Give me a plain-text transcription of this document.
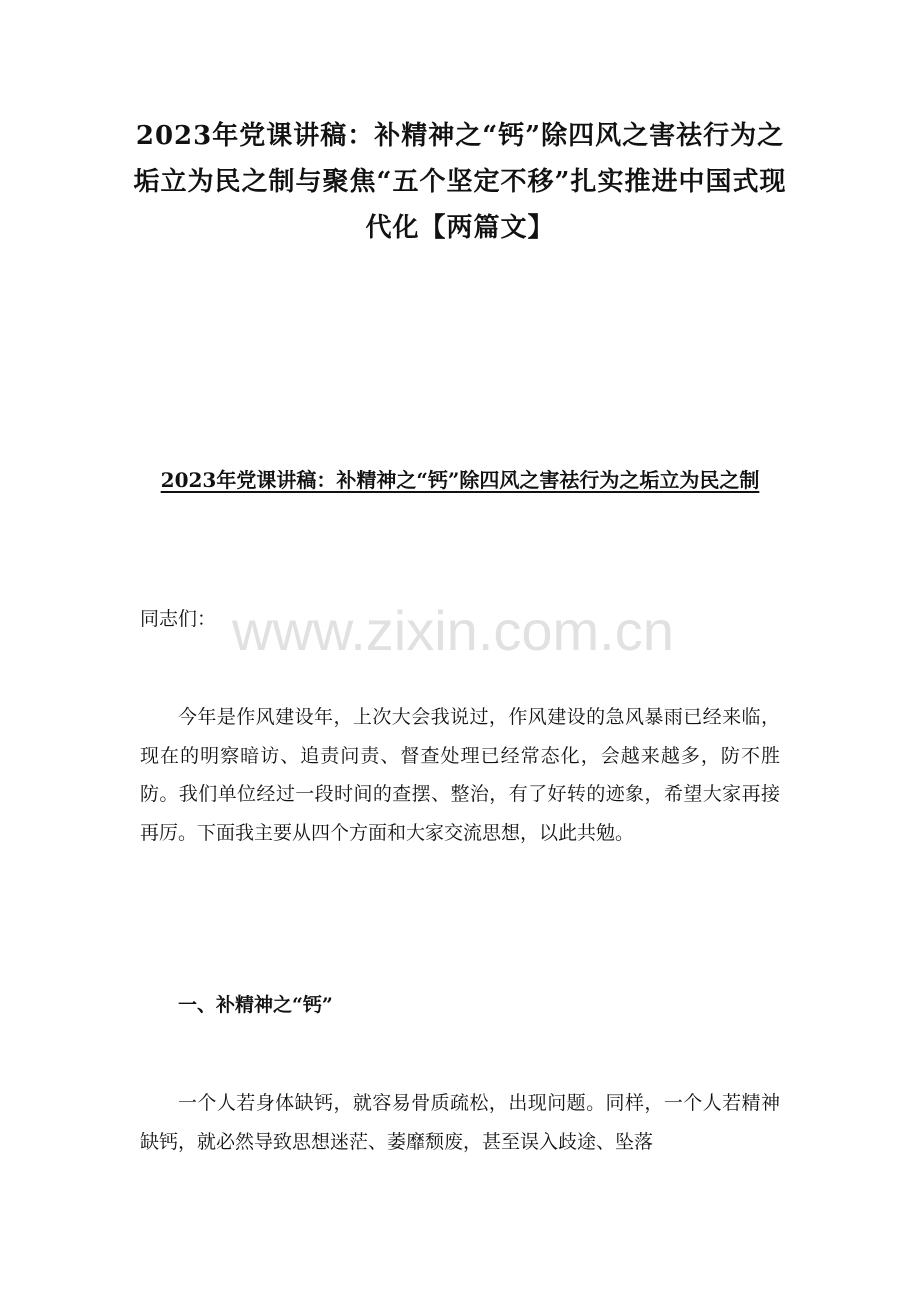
2023年党课讲稿：补精神之“钙”除四风之害祛行为之垢立为民之制与聚焦“五个坚定不移”扎实推进中国式现代化【两篇文】
2023年党课讲稿：补精神之“钙”除四风之害祛行为之垢立为民之制

同志们： www.zixin.com.cn

今年是作风建设年，上次大会我说过，作风建设的急风暴雨已经来临，现在的明察暗访、追责问责、督查处理已经常态化，会越来越多，防不胜防。我们单位经过一段时间的查摆、整治，有了好转的迹象，希望大家再接再厉。下面我主要从四个方面和大家交流思想，以此共勉。

一、补精神之“钙”

一个人若身体缺钙，就容易骨质疏松，出现问题。同样，一个人若精神缺钙，就必然导致思想迷茫、萎靡颓废，甚至误入歧途、坠落
